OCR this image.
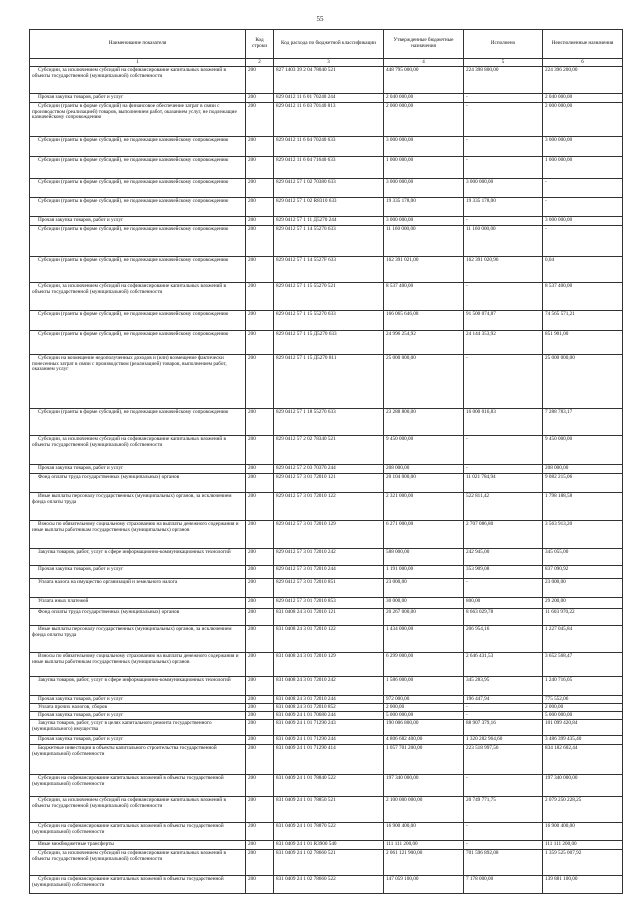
55
Наименование показателя	Код строки	Код расхода по бюджетной классификации	Утвержденные бюджетные назначения	Исполнено	Неисполненные назначения
1	2	3	4	5	6
Субсидии, за исключением субсидий на софинансирование капитальных вложений в объекты государственной (муниципальной) собственности	200	827 1403 39 2 04 78040 521	448 795 000,00	224 398 800,00	224 396 200,00
Прочая закупка товаров, работ и услуг	200	829 0412 11 6 01 70240 244	2 040 000,00	-	2 040 000,00
Субсидии (гранты в форме субсидий) на финансовое обеспечение затрат в связи с производством (реализацией) товаров, выполнением работ, оказанием услуг, не подлежащие казначейскому сопровождению	200	829 0412 11 6 03 70140 813	2 000 000,00	-	2 000 000,00
Субсидии (гранты в форме субсидий), не подлежащие казначейскому сопровождению	200	829 0412 11 6 04 70240 633	3 000 000,00	-	3 000 000,00
Субсидии (гранты в форме субсидий), не подлежащие казначейскому сопровождению	200	829 0412 11 6 04 71640 633	1 000 000,00	-	1 000 000,00
Субсидии (гранты в форме субсидий), не подлежащие казначейскому сопровождению	200	829 0412 57 1 02 70380 633	3 000 000,00	3 000 000,00	-
Субсидии (гранты в форме субсидий), не подлежащие казначейскому сопровождению	200	829 0412 57 1 02 R8310 633	19 335 178,00	19 335 178,00	-
Прочая закупка товаров, работ и услуг	200	829 0412 57 1 11 Д5270 244	3 000 000,00	-	3 000 000,00
Субсидии (гранты в форме субсидий), не подлежащие казначейскому сопровождению	200	829 0412 57 1 14 55270 633	11 160 000,00	11 160 000,00	-
Субсидии (гранты в форме субсидий), не подлежащие казначейскому сопровождению	200	829 0412 57 1 14 5527F 633	162 391 021,00	162 391 020,96	0,04
Субсидии, за исключением субсидий на софинансирование капитальных вложений в объекты государственной (муниципальной) собственности	200	829 0412 57 1 15 55270 521	8 537 400,00	-	8 537 400,00
Субсидии (гранты в форме субсидий), не подлежащие казначейскому сопровождению	200	829 0412 57 1 15 55270 633	166 065 646,08	91 500 074,87	74 565 571,21
Субсидии (гранты в форме субсидий), не подлежащие казначейскому сопровождению	200	829 0412 57 1 15 Д5270 633	24 996 254,92	24 144 353,92	851 901,00
Субсидии на возмещение недополученных доходов и (или) возмещение фактически понесенных затрат в связи с производством (реализацией) товаров, выполнением работ, оказанием услуг	200	829 0412 57 1 15 Д5270 811	25 000 000,00	-	25 000 000,00
Субсидии (гранты в форме субсидий), не подлежащие казначейскому сопровождению	200	829 0412 57 1 18 55270 633	23 288 800,00	16 000 016,83	7 288 783,17
Субсидии, за исключением субсидий на софинансирование капитальных вложений в объекты государственной (муниципальной) собственности	200	829 0412 57 2 02 78340 521	9 450 000,00	-	9 450 000,00
Прочая закупка товаров, работ и услуг	200	829 0412 57 2 03 70370 244	208 000,00	-	208 000,00
Фонд оплаты труда государственных (муниципальных) органов	200	829 0412 57 3 01 72010 121	20 104 000,00	11 021 784,94	9 082 215,06
Иные выплаты персоналу государственных (муниципальных) органов, за исключением фонда оплаты труда	200	829 0412 57 3 01 72010 122	2 321 000,00	522 811,42	1 798 188,58
Взносы по обязательному социальному страхованию на выплаты денежного содержания и иные выплаты работникам государственных (муниципальных) органов	200	829 0412 57 3 01 72010 129	6 271 000,00	2 707 086,80	3 563 913,20
Закупка товаров, работ, услуг в сфере информационно-коммуникационных технологий	200	829 0412 57 3 01 72010 242	588 000,00	242 945,00	345 055,00
Прочая закупка товаров, работ и услуг	200	829 0412 57 3 01 72010 244	1 191 000,00	353 909,08	837 090,92
Уплата налога на имущество организаций и земельного налога	200	829 0412 57 3 01 72010 851	23 000,00	-	23 000,00
Уплата иных платежей	200	829 0412 57 3 01 72010 853	30 000,00	800,00	29 200,00
Фонд оплаты труда государственных (муниципальных) органов	200	831 0408 24 3 01 72010 121	20 267 000,00	8 663 029,78	11 603 970,22
Иные выплаты персоналу государственных (муниципальных) органов, за исключением фонда оплаты труда	200	831 0408 24 3 01 72010 122	1 434 000,00	206 954,16	1 227 045,84
Взносы по обязательному социальному страхованию на выплаты денежного содержания и иные выплаты работникам государственных (муниципальных) органов	200	831 0408 24 3 01 72010 129	6 299 000,00	2 646 431,53	3 652 568,47
Закупка товаров, работ, услуг в сфере информационно-коммуникационных технологий	200	831 0408 24 3 01 72010 242	1 586 000,00	345 283,95	1 240 716,05
Прочая закупка товаров, работ и услуг	200	831 0408 24 3 01 72010 244	972 000,00	196 447,94	775 552,06
Уплата прочих налогов, сборов	200	831 0408 24 3 01 72010 852	2 000,00	-	2 000,00
Прочая закупка товаров, работ и услуг	200	831 0409 24 1 01 70680 244	5 000 000,00	-	5 000 000,00
Закупка товаров, работ, услуг в целях капитального ремонта государственного (муниципального) имущества	200	831 0409 24 1 01 71290 243	190 006 800,00	88 907 379,16	101 099 420,84
Прочая закупка товаров, работ и услуг	200	831 0409 24 1 01 71290 244	4 806 682 400,00	1 320 282 964,60	3 486 399 435,40
Бюджетные инвестиции в объекты капитального строительства государственной (муниципальной) собственности	200	831 0409 24 1 01 71290 414	1 057 701 200,00	223 518 997,56	834 182 602,44
Субсидии на софинансирование капитальных вложений в объекты государственной (муниципальной) собственности	200	831 0409 24 1 01 78840 522	197 340 000,00	-	197 340 000,00
Субсидии, за исключением субсидий на софинансирование капитальных вложений в объекты государственной (муниципальной) собственности	200	831 0409 24 1 01 78850 521	2 100 000 000,00	20 749 771,75	2 079 250 228,25
Субсидии на софинансирование капитальных вложений в объекты государственной (муниципальной) собственности	200	831 0409 24 1 01 78870 522	16 900 400,00	-	16 900 400,00
Иные межбюджетные трансферты	200	831 0409 24 1 01 R3900 540	111 111 200,00	-	111 111 200,00
Субсидии, за исключением субсидий на софинансирование капитальных вложений в объекты государственной (муниципальной) собственности	200	831 0409 24 1 02 78660 521	2 061 121 900,00	701 596 892,08	1 359 525 007,92
Субсидии на софинансирование капитальных вложений в объекты государственной (муниципальной) собственности	200	831 0409 24 1 02 78660 522	147 059 100,00	7 178 000,00	139 881 100,00
